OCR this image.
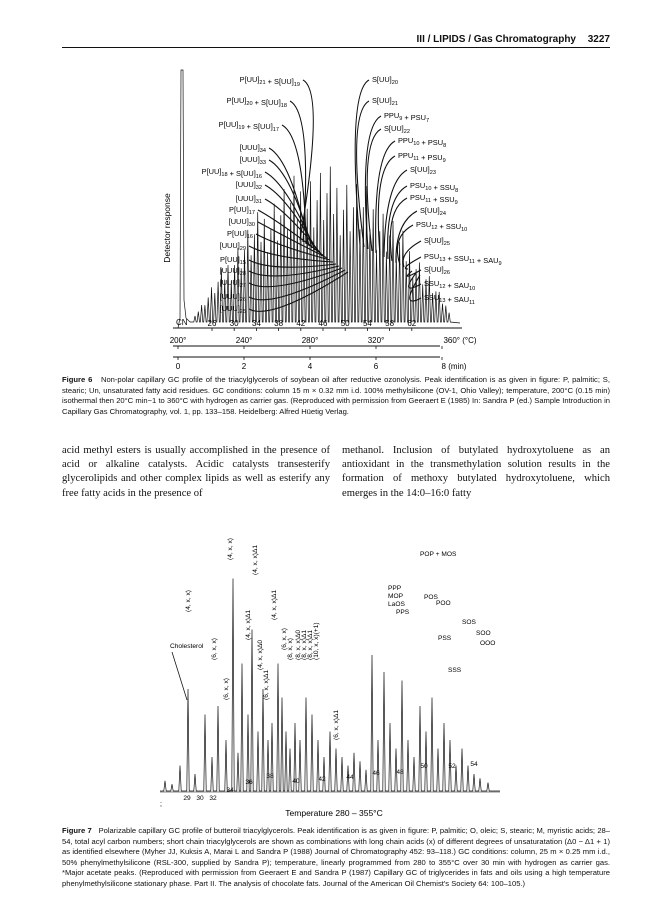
III / LIPIDS / Gas Chromatography 3227
Detector response
$P[UU]_{21} + S[UU]_{19}$
$P[UU]_{20} + S[UU]_{18}$
$P[UU]_{19} + S[UU]_{17}$
$[UUU]_{34}$
$[UUU]_{33}$
$P[UU]_{18} + S[UU]_{16}$
$[UUU]_{32}$
$[UUU]_{31}$
$P[UU]_{17}$
$[UUU]_{30}$
$P[UU]_{16}$
$[UUU]_{29}$
$P[UU]_{15}$
$[UUU]_{28}$
$[UUU]_{27}$
$[UUU]_{26}$
$[UUU]_{25}$
$S[UU]_{20}$
$S[UU]_{21}$
$PPU_9 + PSU_7$
$S[UU]_{22}$
$PPU_{10} + PSU_8$
$PPU_{11} + PSU_9$
$S[UU]_{23}$
$PSU_{10} + SSU_8$
$PSU_{11} + SSU_9$
$S[UU]_{24}$
$PSU_{12} + SSU_{10}$
$S[UU]_{25}$
$PSU_{13} + SSU_{11} + SAU_9$
$S[UU]_{26}$
$SSU_{12} + SAU_{10}$
$SSU_{13} + SAU_{11}$
CN 26 30 34 38 42 46 50 54 58 62
200°	240°	280°	320°	360° (°C)
0	2	4	6	8 (min)
Figure 6 Non-polar capillary GC profile of the triacylglycerols of soybean oil after reductive ozonolysis. Peak identification is as given in figure: P, palmitic; S, stearic; Un, unsaturated fatty acid residues. GC conditions: column 15 m × 0.32 mm i.d. 100% methylsilicone (OV-1, Ohio Valley); temperature, 200°C (0.15 min) isothermal then 20°C min−1 to 360°C with hydrogen as carrier gas. (Reproduced with permission from Geeraert E (1985) In: Sandra P (ed.) Sample Introduction in Capillary Gas Chromatography, vol. 1, pp. 133–158. Heidelberg: Alfred Hüetig Verlag.
acid methyl esters is usually accomplished in the presence of acid or alkaline catalysts. Acidic catalysts transesterify glycerolipids and other complex lipids as well as esterify any free fatty acids in the presence of
methanol. Inclusion of butylated hydroxytoluene as an antioxidant in the transmethylation solution results in the formation of methoxy butylated hydroxytoluene, which emerges in the 14:0–16:0 fatty
(4, x, x)
(4, x, x)	(4, x, x)Δ1
(6, x, x)
(4, x, x)Δ1
(4, x, x)Δ0
(6, x, x)
(4, x, x)Δ1
(6, x, x)Δ1
(6, x, x) (8, x, x) (8, x, x)Δ0 (8, x, x)Δ1 (8, x, x)Δ1 (10, x, x)(+1)
(6, x, x)Δ1
POP + MOS
PPP
MOP
LaOS
PPS
POS
POO
SOS
SOO
OOO
PSS
SSS
Cholesterol
29 30 32
34
36
38
40	42	44
46	48
50	52 54
;
Temperature 280 – 355°C
Figure 7 Polarizable capillary GC profile of butteroil triacylglycerols. Peak identification is as given in figure: P, palmitic; O, oleic; S, stearic; M, myristic acids; 28–54, total acyl carbon numbers; short chain triacylglycerols are shown as combinations with long chain acids (x) of different degrees of unsaturatation (Δ0 − Δ1 + 1) as identified elsewhere (Myher JJ, Kuksis A, Marai L and Sandra P (1988) Journal of Chromatography 452: 93–118.) GC conditions: column, 25 m × 0.25 mm i.d., 50% phenylmethylsilicone (RSL-300, supplied by Sandra P); temperature, linearly programmed from 280 to 355°C over 30 min with hydrogen as carrier gas. *Major acetate peaks. (Reproduced with permission from Geeraert E and Sandra P (1987) Capillary GC of triglycerides in fats and oils using a high temperature phenylmethylsilicone stationary phase. Part II. The analysis of chocolate fats. Journal of the American Oil Chemist's Society 64: 100–105.)
